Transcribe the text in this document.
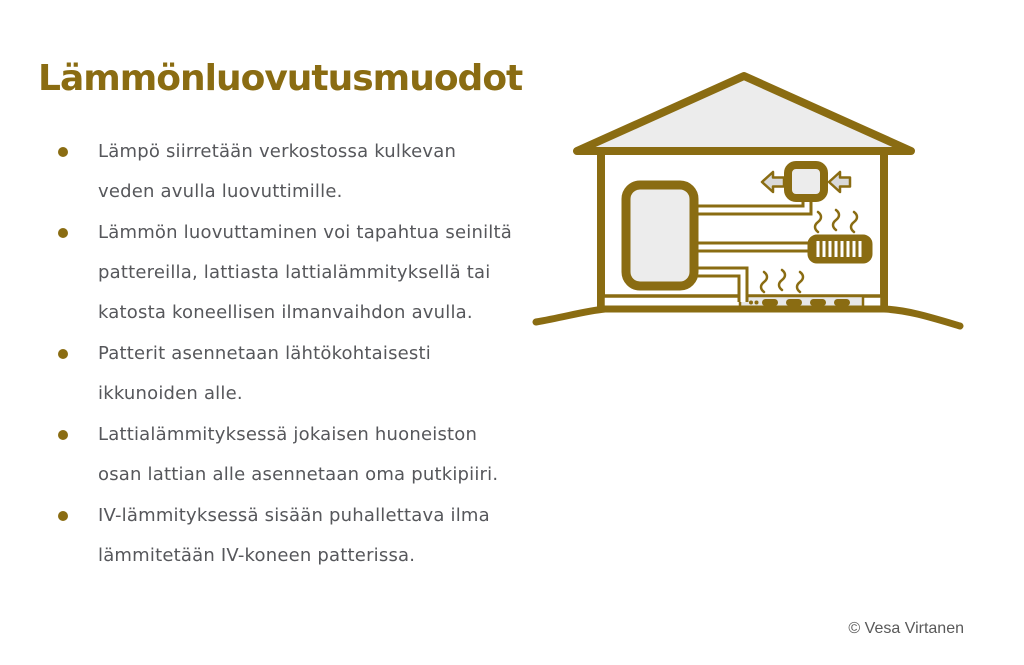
Lämmönluovutusmuodot
Lämpö siirretään verkostossa kulkevan
veden avulla luovuttimille.
Lämmön luovuttaminen voi tapahtua seiniltä
pattereilla, lattiasta lattialämmityksellä tai
katosta koneellisen ilmanvaihdon avulla.
Patterit asennetaan lähtökohtaisesti
ikkunoiden alle.
Lattialämmityksessä jokaisen huoneiston
osan lattian alle asennetaan oma putkipiiri.
IV-lämmityksessä sisään puhallettava ilma
lämmitetään IV-koneen patterissa.
© Vesa Virtanen
